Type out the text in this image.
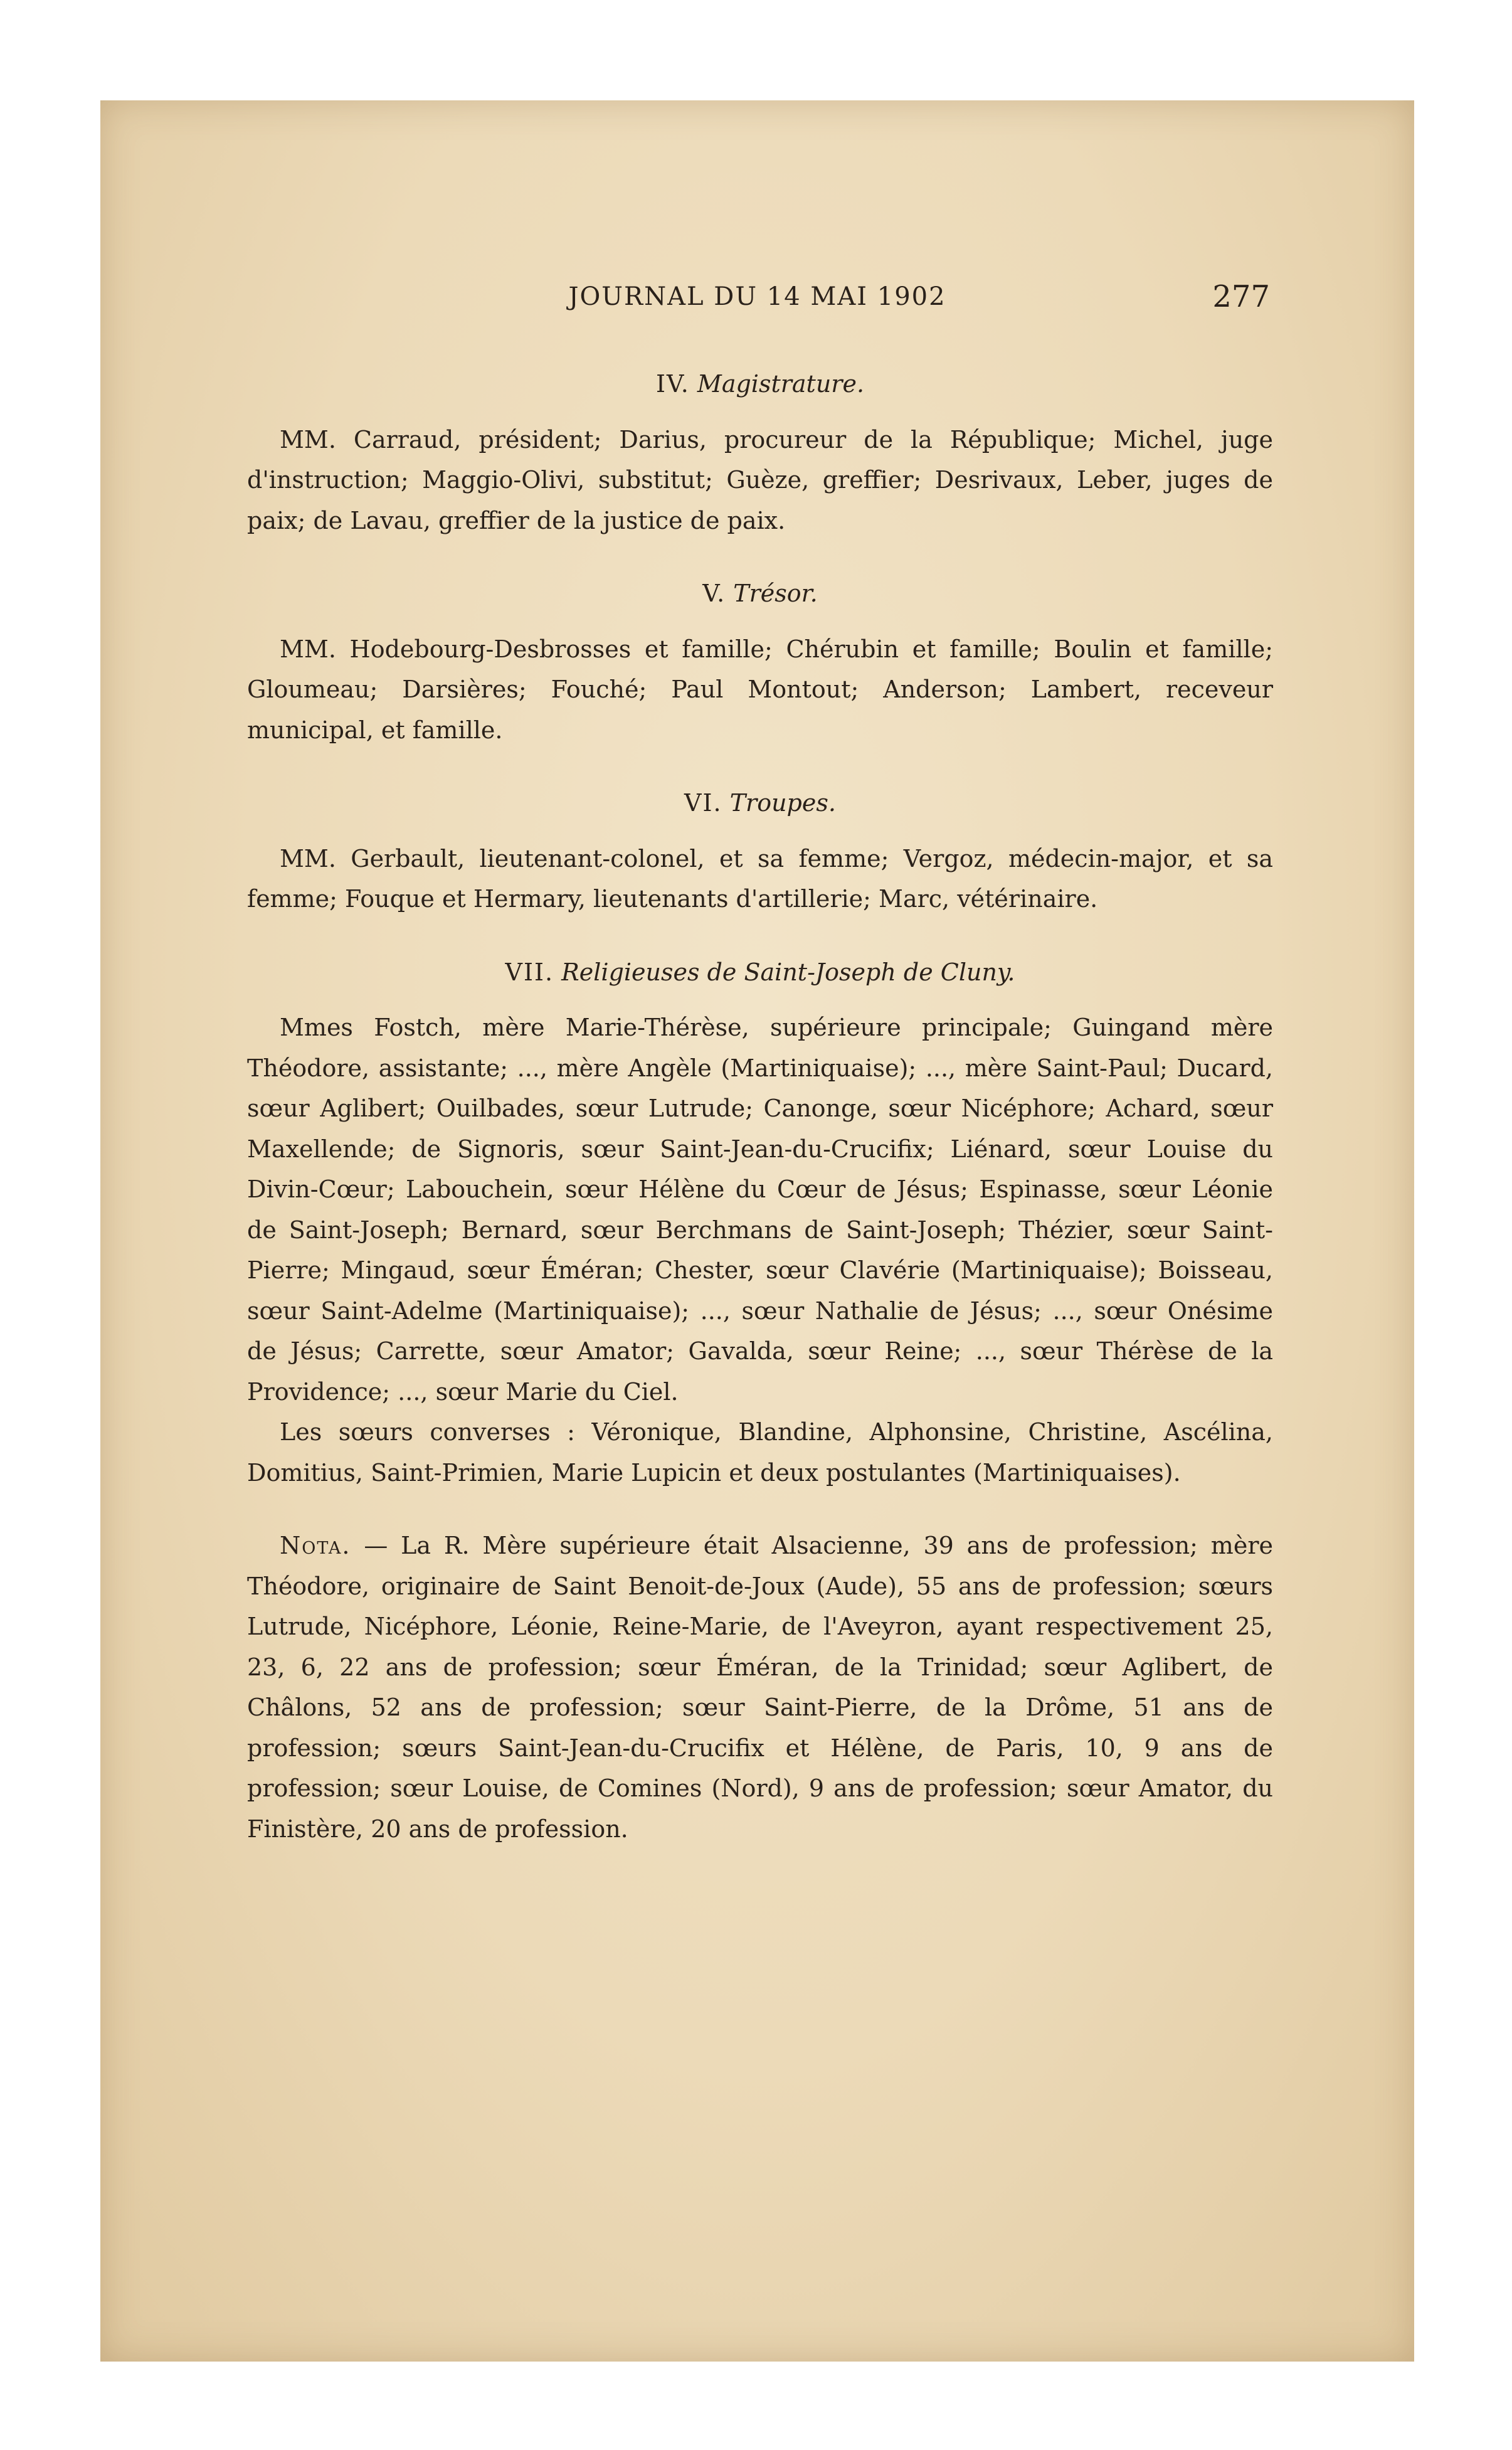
JOURNAL DU 14 MAI 1902	277
IV. Magistrature.

MM. Carraud, président; Darius, procureur de la République; Michel, juge d'instruction; Maggio-Olivi, substitut; Guèze, greffier; Desrivaux, Leber, juges de paix; de Lavau, greffier de la justice de paix.

V. Trésor.

MM. Hodebourg-Desbrosses et famille; Chérubin et famille; Boulin et famille; Gloumeau; Darsières; Fouché; Paul Montout; Anderson; Lambert, receveur municipal, et famille.

VI. Troupes.

MM. Gerbault, lieutenant-colonel, et sa femme; Vergoz, médecin-major, et sa femme; Fouque et Hermary, lieutenants d'artillerie; Marc, vétérinaire.

VII. Religieuses de Saint-Joseph de Cluny.

Mmes Fostch, mère Marie-Thérèse, supérieure principale; Guingand mère Théodore, assistante; ..., mère Angèle (Martiniquaise); ..., mère Saint-Paul; Ducard, sœur Aglibert; Ouilbades, sœur Lutrude; Canonge, sœur Nicéphore; Achard, sœur Maxellende; de Signoris, sœur Saint-Jean-du-Crucifix; Liénard, sœur Louise du Divin-Cœur; Labouchein, sœur Hélène du Cœur de Jésus; Espinasse, sœur Léonie de Saint-Joseph; Bernard, sœur Berchmans de Saint-Joseph; Thézier, sœur Saint-Pierre; Mingaud, sœur Éméran; Chester, sœur Clavérie (Martiniquaise); Boisseau, sœur Saint-Adelme (Martiniquaise); ..., sœur Nathalie de Jésus; ..., sœur Onésime de Jésus; Carrette, sœur Amator; Gavalda, sœur Reine; ..., sœur Thérèse de la Providence; ..., sœur Marie du Ciel.

Les sœurs converses : Véronique, Blandine, Alphonsine, Christine, Ascélina, Domitius, Saint-Primien, Marie Lupicin et deux postulantes (Martiniquaises).

Nota. — La R. Mère supérieure était Alsacienne, 39 ans de profession; mère Théodore, originaire de Saint Benoit-de-Joux (Aude), 55 ans de profession; sœurs Lutrude, Nicéphore, Léonie, Reine-Marie, de l'Aveyron, ayant respectivement 25, 23, 6, 22 ans de profession; sœur Éméran, de la Trinidad; sœur Aglibert, de Châlons, 52 ans de profession; sœur Saint-Pierre, de la Drôme, 51 ans de profession; sœurs Saint-Jean-du-Crucifix et Hélène, de Paris, 10, 9 ans de profession; sœur Louise, de Comines (Nord), 9 ans de profession; sœur Amator, du Finistère, 20 ans de profession.
